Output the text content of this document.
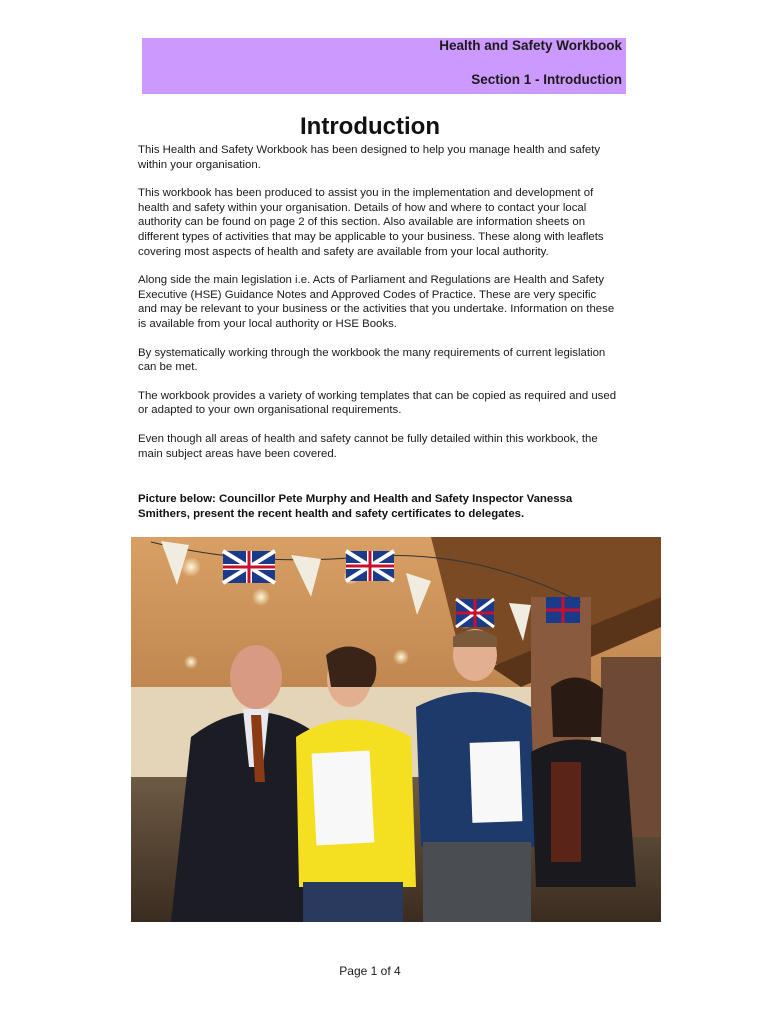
Health and Safety Workbook
Section 1 - Introduction
Introduction

This Health and Safety Workbook has been designed to help you manage health and safety within your organisation.

This workbook has been produced to assist you in the implementation and development of health and safety within your organisation. Details of how and where to contact your local authority can be found on page 2 of this section. Also available are information sheets on different types of activities that may be applicable to your business. These along with leaflets covering most aspects of health and safety are available from your local authority.

Along side the main legislation i.e. Acts of Parliament and Regulations are Health and Safety Executive (HSE) Guidance Notes and Approved Codes of Practice. These are very specific and may be relevant to your business or the activities that you undertake. Information on these is available from your local authority or HSE Books.

By systematically working through the workbook the many requirements of current legislation can be met.

The workbook provides a variety of working templates that can be copied as required and used or adapted to your own organisational requirements.

Even though all areas of health and safety cannot be fully detailed within this workbook, the main subject areas have been covered.

Picture below: Councillor Pete Murphy and Health and Safety Inspector Vanessa Smithers, present the recent health and safety certificates to delegates.
Page 1 of 4
